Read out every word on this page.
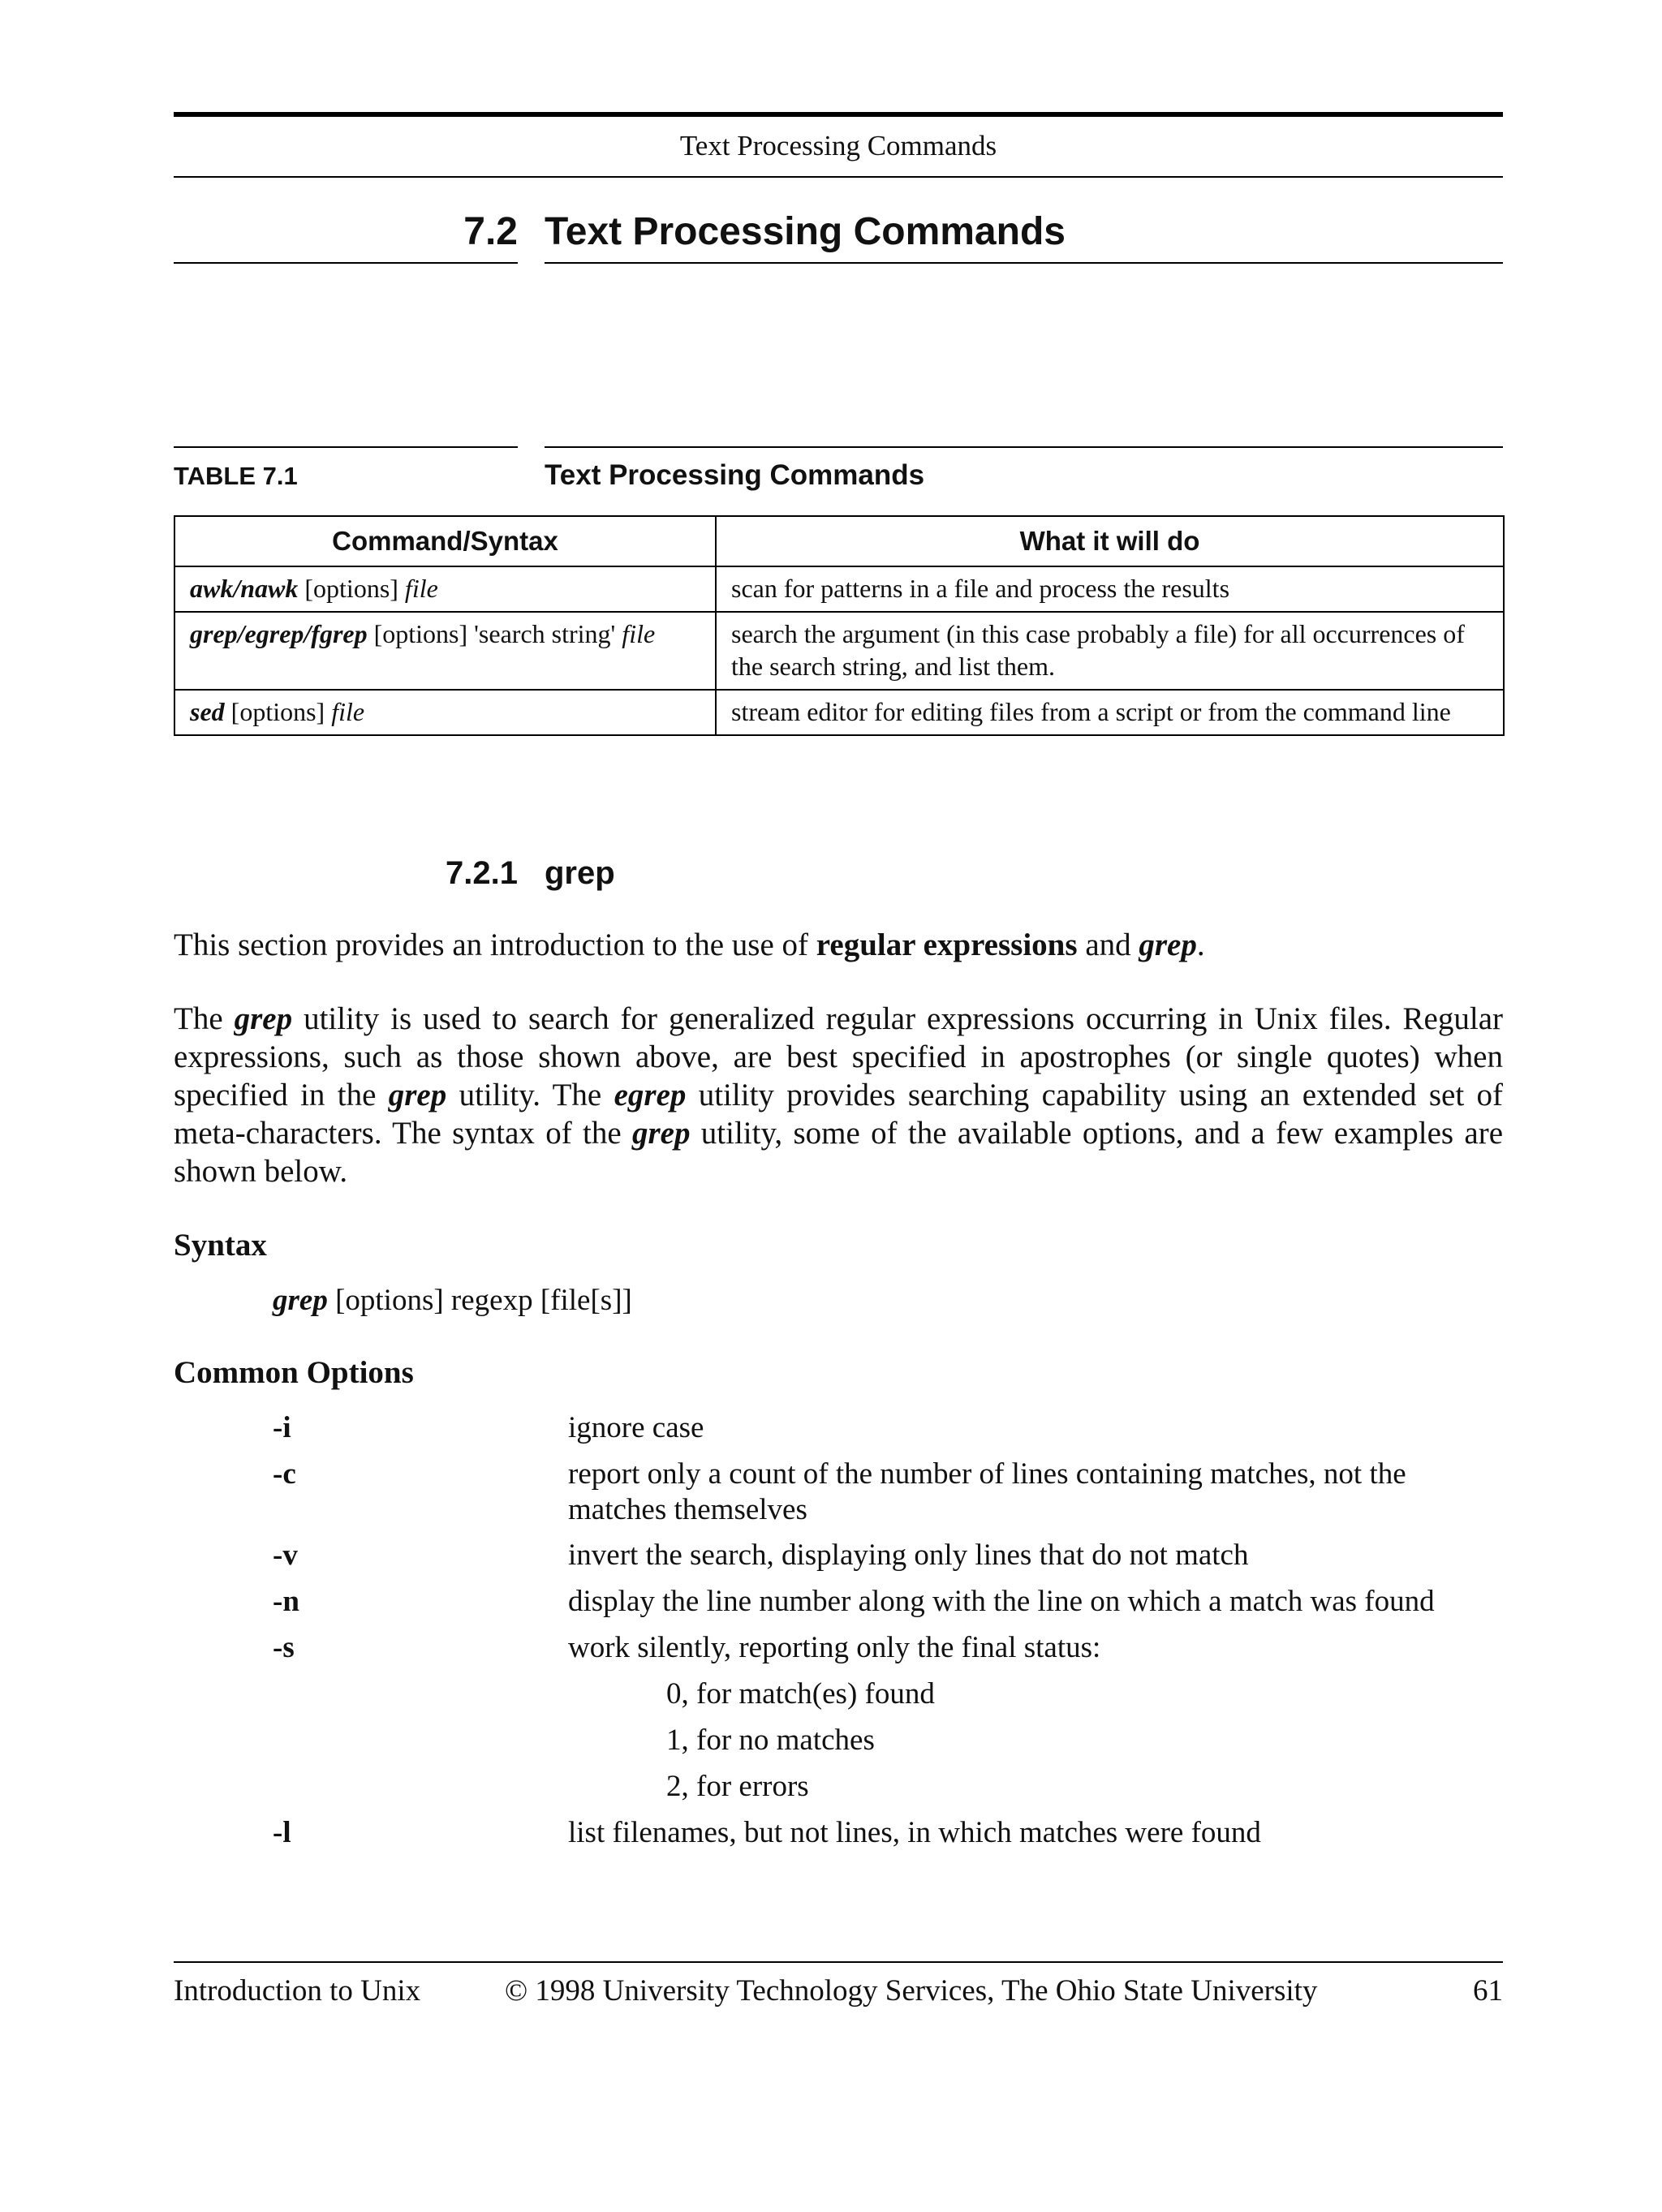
Text Processing Commands
7.2 Text Processing Commands
TABLE 7.1	Text Processing Commands
Command/Syntax	What it will do
awk/nawk [options] file	scan for patterns in a file and process the results
grep/egrep/fgrep [options] 'search string' file	search the argument (in this case probably a file) for all occurrences of the search string, and list them.
sed [options] file	stream editor for editing files from a script or from the command line
7.2.1 grep

This section provides an introduction to the use of regular expressions and grep.

The grep utility is used to search for generalized regular expressions occurring in Unix files. Regular expressions, such as those shown above, are best specified in apostrophes (or single quotes) when specified in the grep utility. The egrep utility provides searching capability using an extended set of meta-characters. The syntax of the grep utility, some of the available options, and a few examples are shown below.

Syntax
grep [options] regexp [file[s]]
Common Options
-i	ignore case
-c	report only a count of the number of lines containing matches, not the matches themselves
-v	invert the search, displaying only lines that do not match
-n	display the line number along with the line on which a match was found
-s	work silently, reporting only the final status:
0, for match(es) found
1, for no matches
2, for errors
-l	list filenames, but not lines, in which matches were found
Introduction to Unix	© 1998 University Technology Services, The Ohio State University	61
